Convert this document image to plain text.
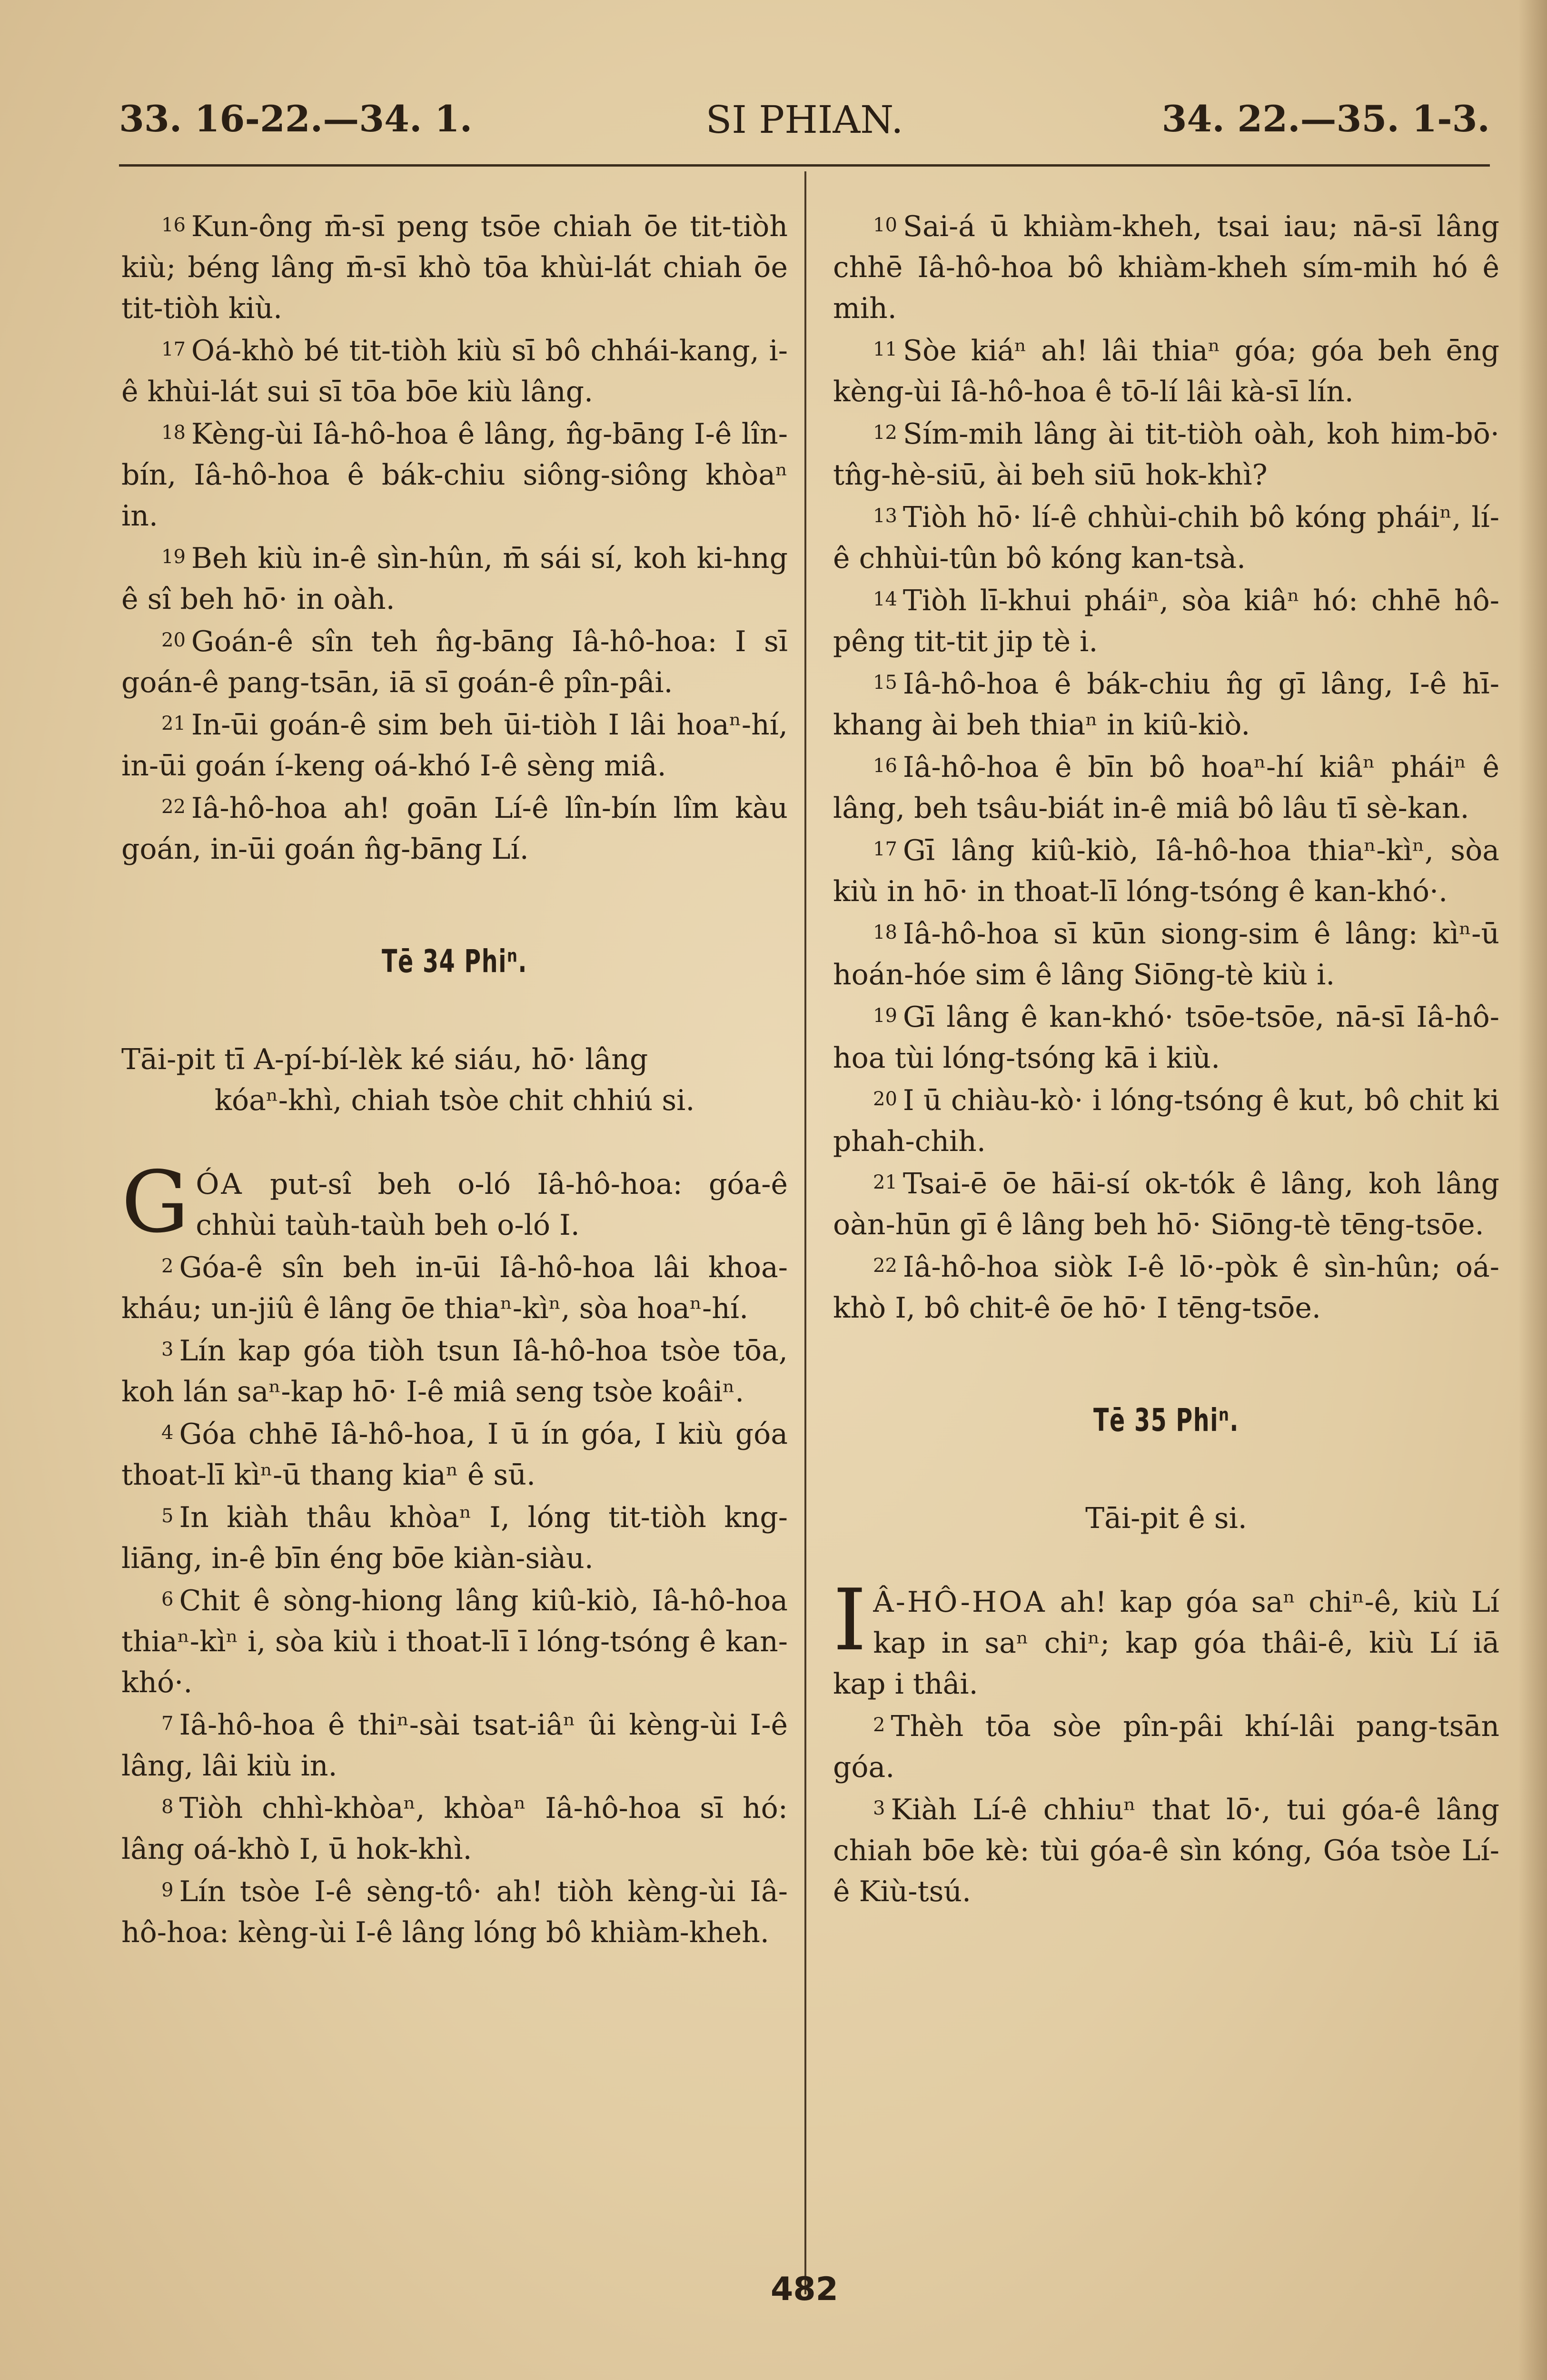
33. 16-22.—34. 1.	SI PHIAN.	34. 22.—35. 1-3.

16 Kun-ông m̄-sī peng tsōe chiah ōe tit-tiòh kiù; béng lâng m̄-sī khò tōa khùi-lát chiah ōe tit-tiòh kiù.

17 Oá-khò bé tit-tiòh kiù sī bô chhái-kang, i-ê khùi-lát sui sī tōa bōe kiù lâng.

18 Kèng-ùi Iâ-hô-hoa ê lâng, n̂g-bāng I-ê lîn-bín, Iâ-hô-hoa ê bák-chiu siông-siông khòaⁿ in.

19 Beh kiù in-ê sìn-hûn, m̄ sái sí, koh ki-hng ê sî beh hō· in oàh.

20 Goán-ê sîn teh n̂g-bāng Iâ-hô-hoa: I sī goán-ê pang-tsān, iā sī goán-ê pîn-pâi.

21 In-ūi goán-ê sim beh ūi-tiòh I lâi hoaⁿ-hí, in-ūi goán í-keng oá-khó I-ê sèng miâ.

22 Iâ-hô-hoa ah! goān Lí-ê lîn-bín lîm kàu goán, in-ūi goán n̂g-bāng Lí.

Tē 34 Phiⁿ.
Tāi-pit tī A-pí-bí-lèk ké siáu, hō· lâng
kóaⁿ-khì, chiah tsòe chit chhiú si.

GÓA put-sî beh o-ló Iâ-hô-hoa: góa-ê chhùi taùh-taùh beh o-ló I.

2 Góa-ê sîn beh in-ūi Iâ-hô-hoa lâi khoa-kháu; un-jiû ê lâng ōe thiaⁿ-kìⁿ, sòa hoaⁿ-hí.

3 Lín kap góa tiòh tsun Iâ-hô-hoa tsòe tōa, koh lán saⁿ-kap hō· I-ê miâ seng tsòe koâiⁿ.

4 Góa chhē Iâ-hô-hoa, I ū ín góa, I kiù góa thoat-lī kìⁿ-ū thang kiaⁿ ê sū.

5 In kiàh thâu khòaⁿ I, lóng tit-tiòh kng-liāng, in-ê bīn éng bōe kiàn-siàu.

6 Chit ê sòng-hiong lâng kiû-kiò, Iâ-hô-hoa thiaⁿ-kìⁿ i, sòa kiù i thoat-lī ī lóng-tsóng ê kan-khó·.

7 Iâ-hô-hoa ê thiⁿ-sài tsat-iâⁿ ûi kèng-ùi I-ê lâng, lâi kiù in.

8 Tiòh chhì-khòaⁿ, khòaⁿ Iâ-hô-hoa sī hó: lâng oá-khò I, ū hok-khì.

9 Lín tsòe I-ê sèng-tô· ah! tiòh kèng-ùi Iâ-hô-hoa: kèng-ùi I-ê lâng lóng bô khiàm-kheh.

10 Sai-á ū khiàm-kheh, tsai iau; nā-sī lâng chhē Iâ-hô-hoa bô khiàm-kheh sím-mih hó ê mih.

11 Sòe kiáⁿ ah! lâi thiaⁿ góa; góa beh ēng kèng-ùi Iâ-hô-hoa ê tō-lí lâi kà-sī lín.

12 Sím-mih lâng ài tit-tiòh oàh, koh him-bō· tn̂g-hè-siū, ài beh siū hok-khì?

13 Tiòh hō· lí-ê chhùi-chih bô kóng pháiⁿ, lí-ê chhùi-tûn bô kóng kan-tsà.

14 Tiòh lī-khui pháiⁿ, sòa kiâⁿ hó: chhē hô-pêng tit-tit jip tè i.

15 Iâ-hô-hoa ê bák-chiu n̂g gī lâng, I-ê hī-khang ài beh thiaⁿ in kiû-kiò.

16 Iâ-hô-hoa ê bīn bô hoaⁿ-hí kiâⁿ pháiⁿ ê lâng, beh tsâu-biát in-ê miâ bô lâu tī sè-kan.

17 Gī lâng kiû-kiò, Iâ-hô-hoa thiaⁿ-kìⁿ, sòa kiù in hō· in thoat-lī lóng-tsóng ê kan-khó·.

18 Iâ-hô-hoa sī kūn siong-sim ê lâng: kìⁿ-ū hoán-hóe sim ê lâng Siōng-tè kiù i.

19 Gī lâng ê kan-khó· tsōe-tsōe, nā-sī Iâ-hô-hoa tùi lóng-tsóng kā i kiù.

20 I ū chiàu-kò· i lóng-tsóng ê kut, bô chit ki phah-chih.

21 Tsai-ē ōe hāi-sí ok-tók ê lâng, koh lâng oàn-hūn gī ê lâng beh hō· Siōng-tè tēng-tsōe.

22 Iâ-hô-hoa siòk I-ê lō·-pòk ê sìn-hûn; oá-khò I, bô chit-ê ōe hō· I tēng-tsōe.

Tē 35 Phiⁿ.
Tāi-pit ê si.

I Â-HÔ-HOA ah! kap góa saⁿ chiⁿ-ê, kiù Lí kap in saⁿ chiⁿ; kap góa thâi-ê, kiù Lí iā kap i thâi.

2 Thèh tōa sòe pîn-pâi khí-lâi pang-tsān góa.

3 Kiàh Lí-ê chhiuⁿ that lō·, tui góa-ê lâng chiah bōe kè: tùi góa-ê sìn kóng, Góa tsòe Lí-ê Kiù-tsú.

482
